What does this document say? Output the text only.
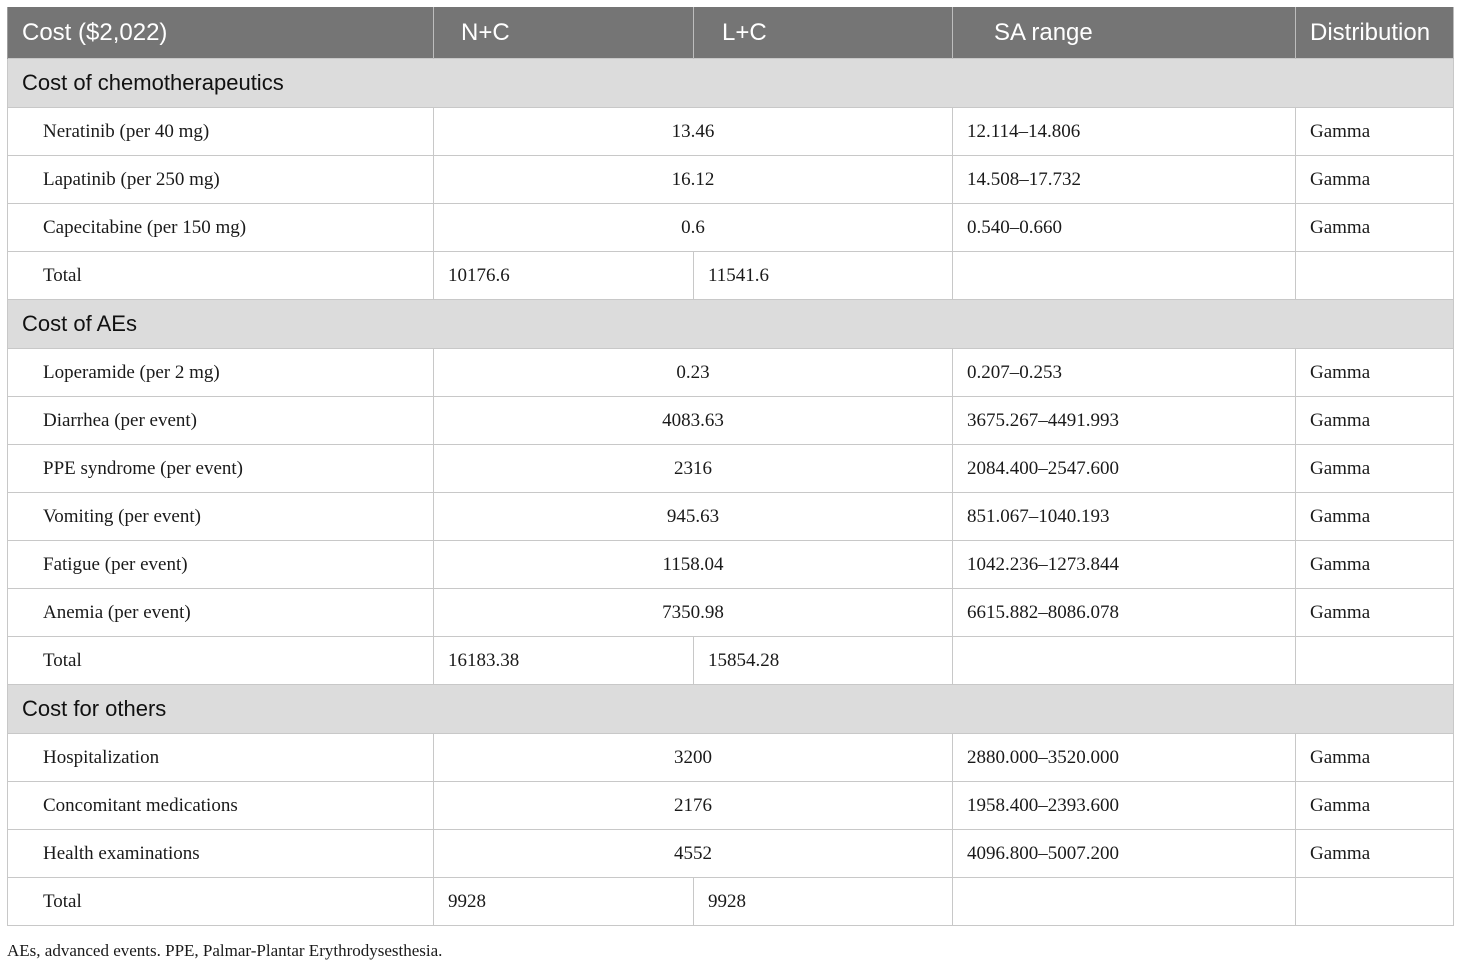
Cost ($2,022)	N+C	L+C	SA range	Distribution
Cost of chemotherapeutics				
Neratinib (per 40 mg)	13.46		12.114–14.806	Gamma
Lapatinib (per 250 mg)	16.12		14.508–17.732	Gamma
Capecitabine (per 150 mg)	0.6		0.540–0.660	Gamma
Total	10176.6	11541.6		
Cost of AEs				
Loperamide (per 2 mg)	0.23		0.207–0.253	Gamma
Diarrhea (per event)	4083.63		3675.267–4491.993	Gamma
PPE syndrome (per event)	2316		2084.400–2547.600	Gamma
Vomiting (per event)	945.63		851.067–1040.193	Gamma
Fatigue (per event)	1158.04		1042.236–1273.844	Gamma
Anemia (per event)	7350.98		6615.882–8086.078	Gamma
Total	16183.38	15854.28		
Cost for others				
Hospitalization	3200		2880.000–3520.000	Gamma
Concomitant medications	2176		1958.400–2393.600	Gamma
Health examinations	4552		4096.800–5007.200	Gamma
Total	9928	9928		
AEs, advanced events. PPE, Palmar-Plantar Erythrodysesthesia.
